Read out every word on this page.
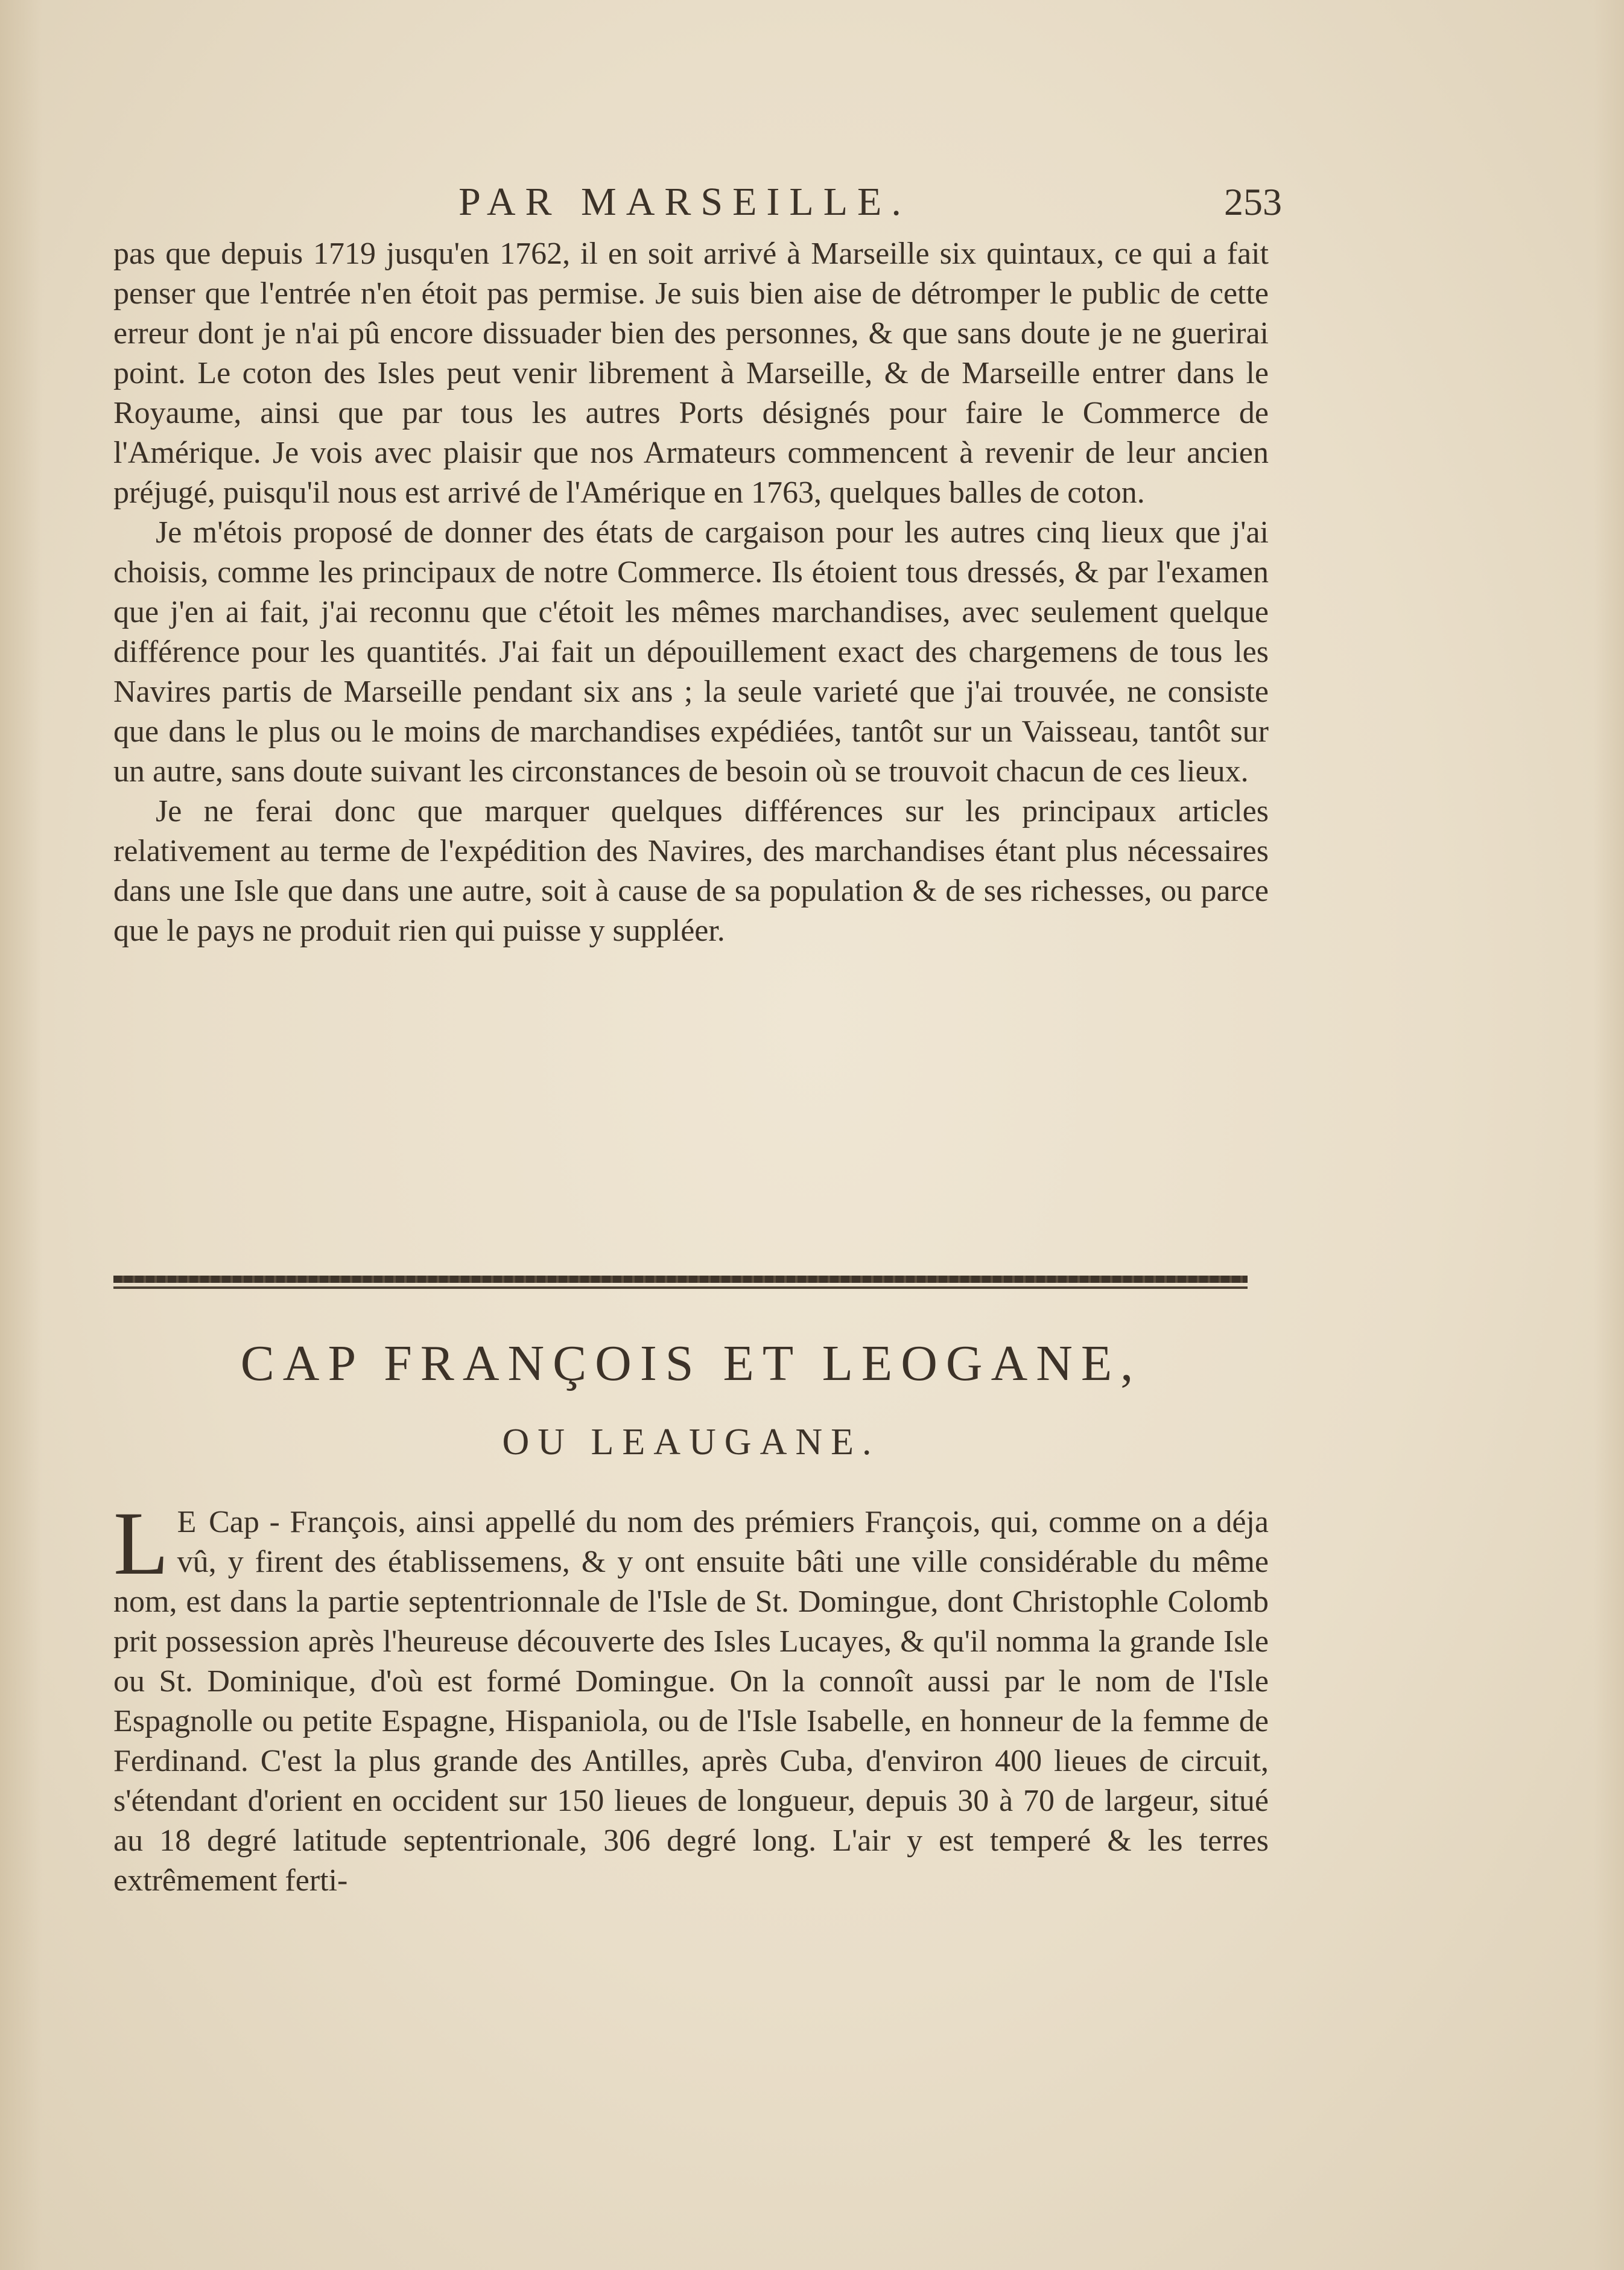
PAR MARSEILLE.	253

pas que depuis 1719 jusqu'en 1762, il en soit arrivé à Marseille six quintaux, ce qui a fait penser que l'entrée n'en étoit pas permise. Je suis bien aise de détromper le public de cette erreur dont je n'ai pû encore dissuader bien des personnes, & que sans doute je ne guerirai point. Le coton des Isles peut venir librement à Marseille, & de Marseille entrer dans le Royaume, ainsi que par tous les autres Ports désignés pour faire le Commerce de l'Amérique. Je vois avec plaisir que nos Armateurs commencent à revenir de leur ancien préjugé, puisqu'il nous est arrivé de l'Amérique en 1763, quelques balles de coton.

Je m'étois proposé de donner des états de cargaison pour les autres cinq lieux que j'ai choisis, comme les principaux de notre Commerce. Ils étoient tous dressés, & par l'examen que j'en ai fait, j'ai reconnu que c'étoit les mêmes marchandises, avec seulement quelque différence pour les quantités. J'ai fait un dépouillement exact des chargemens de tous les Navires partis de Marseille pendant six ans ; la seule varieté que j'ai trouvée, ne consiste que dans le plus ou le moins de marchandises expédiées, tantôt sur un Vaisseau, tantôt sur un autre, sans doute suivant les circonstances de besoin où se trouvoit chacun de ces lieux.

Je ne ferai donc que marquer quelques différences sur les principaux articles relativement au terme de l'expédition des Navires, des marchandises étant plus nécessaires dans une Isle que dans une autre, soit à cause de sa population & de ses richesses, ou parce que le pays ne produit rien qui puisse y suppléer.

CAP FRANÇOIS ET LEOGANE,
OU LEAUGANE.

L E Cap - François, ainsi appellé du nom des prémiers François, qui, comme on a déja vû, y firent des établissemens, & y ont ensuite bâti une ville considérable du même nom, est dans la partie septentrionnale de l'Isle de St. Domingue, dont Christophle Colomb prit possession après l'heureuse découverte des Isles Lucayes, & qu'il nomma la grande Isle ou St. Dominique, d'où est formé Domingue. On la connoît aussi par le nom de l'Isle Espagnolle ou petite Espagne, Hispaniola, ou de l'Isle Isabelle, en honneur de la femme de Ferdinand. C'est la plus grande des Antilles, après Cuba, d'environ 400 lieues de circuit, s'étendant d'orient en occident sur 150 lieues de longueur, depuis 30 à 70 de largeur, situé au 18 degré latitude septentrionale, 306 degré long. L'air y est temperé & les terres extrêmement ferti-
